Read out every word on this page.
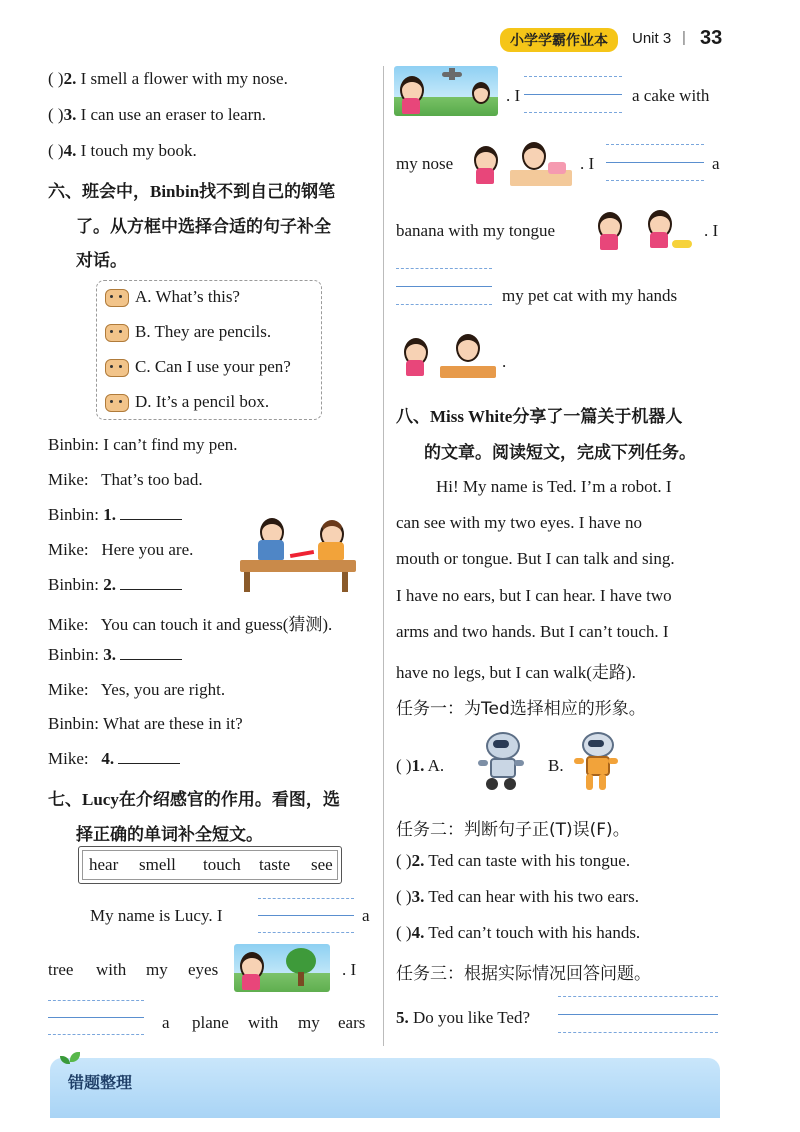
小学学霸作业本	Unit 3 | 33
( )2. I smell a flower with my nose.
( )3. I can use an eraser to learn.
( )4. I touch my book.
六、班会中，Binbin找不到自己的钢笔
了。从方框中选择合适的句子补全
对话。
A. What’s this?
B. They are pencils.
C. Can I use your pen?
D. It’s a pencil box.
Binbin: I can’t find my pen.
Mike: That’s too bad.
Binbin: 1.
Mike: Here you are.
Binbin: 2.
Mike: You can touch it and guess(猜测).
Binbin: 3.
Mike: Yes, you are right.
Binbin: What are these in it?
Mike: 4.
七、Lucy在介绍感官的作用。看图，选
择正确的单词补全短文。
hear smell touch taste see
My name is Lucy. I	a
tree with my eyes	. I
a plane with my ears
. I	a cake with
my nose	. I	a
banana with my tongue	. I
my pet cat with my hands
.
八、Miss White分享了一篇关于机器人
的文章。阅读短文，完成下列任务。
Hi! My name is Ted. I’m a robot. I
can see with my two eyes. I have no
mouth or tongue. But I can talk and sing.
I have no ears, but I can hear. I have two
arms and two hands. But I can’t touch. I
have no legs, but I can walk(走路).
任务一：为Ted选择相应的形象。
( )1. A.	B.
任务二：判断句子正(T)误(F)。
( )2. Ted can taste with his tongue.
( )3. Ted can hear with his two ears.
( )4. Ted can’t touch with his hands.
任务三：根据实际情况回答问题。
5. Do you like Ted?
错题整理
